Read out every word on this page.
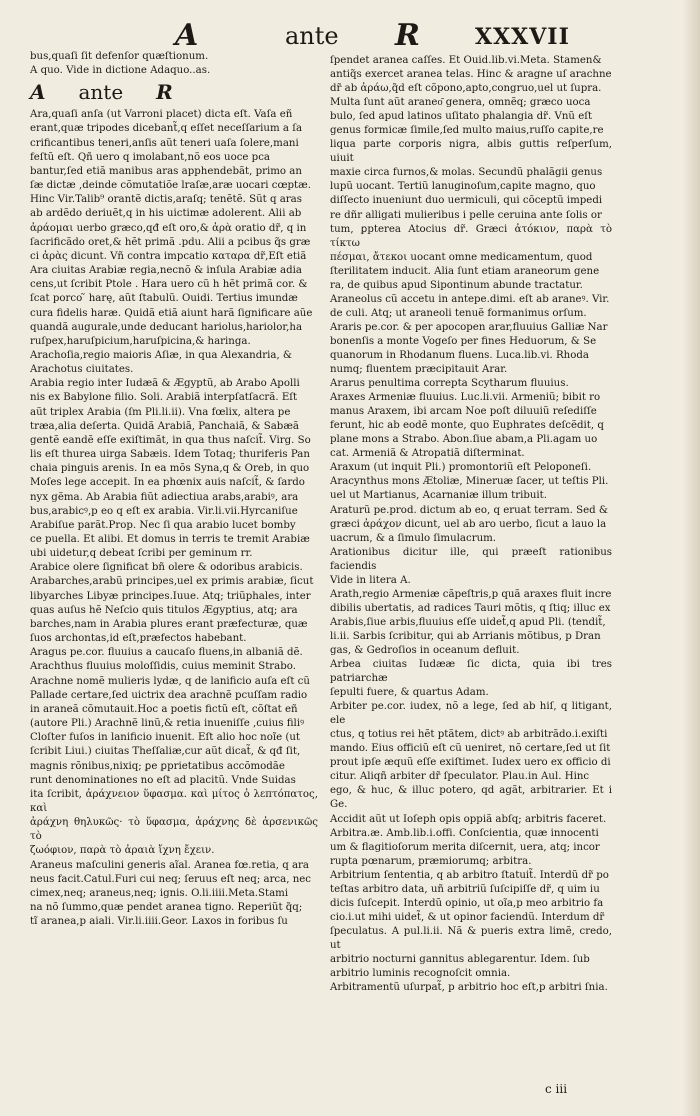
A	ante R	XXXVII

bus,quaſi ſit defenſor quæſtionum.

A quo. Vide in dictione Adaquo..as.

A ante R

Ara,quaſi anſa (ut Varroni placet) dicta eſt. Vaſa eñ

erant,quæ tripodes dicebant̃,q eſſet neceſſarium a ſa

crificantibus teneri,anſis aũt teneri uaſa ſolere,mani

feſtũ eſt. Qñ uero q imolabant,nõ eos uoce pca

bantur,ſed etiã manibus aras apphendebãt, primo an

ſæ dictæ ,deinde cõmutatiõe lraſæ,aræ uocari cœptæ.

Hinc Vir.Talib⁹ orantẽ dictis,araſq; tenẽtẽ. Sũt q aras

ab ardẽdo deriuẽt,q in his uictimæ adolerent. Alii ab

ἀράομαι uerbo græco,qđ eſt oro,& ἀρὰ oratio dr̃, q in

ſacrificãdo oret,& hẽt primã .pdu. Alii a pcibus q̃s græ

ci ἀρὰς dicunt. Vñ contra impcatio καταρα dr̃,Eſt etiã

Ara ciuitas Arabiæ regia,necnõ & inſula Arabiæ adia

cens,ut ſcribit Ptole . Hara uero cũ h hẽt primã cor. &

ſcat porco ̃ harę, aũt ſtabulũ. Ouidi. Tertius imundæ

cura fidelis haræ. Quidã etiã aiunt harã ſignificare aũe

quandã augurale,unde deducant hariolus,hariolor,ha

ruſpex,haruſpicium,haruſpicina,& haringa.

Arachoſia,regio maioris Aſiæ, in qua Alexandria, &

Arachotus ciuitates.

Arabia regio inter Iudæã & Ægyptũ, ab Arabo Apolli

nis ex Babylone filio. Soli. Arabiã interpſatſacrã. Eſt

aũt triplex Arabia (ſm Pli.li.ii). Vna fœlix, altera pe

træa,alia deſerta. Quidã Arabiã, Panchaiã, & Sabæã

gentẽ eandẽ eſſe exiſtimãt, in qua thus naſcit̃. Virg. So

lis eſt thurea uirga Sabæis. Idem Totaq; thuriferis Pan

chaia pinguis arenis. In ea mõs Syna,q & Oreb, in quo

Moſes lege accepit. In ea phœnix auis naſcit̃, & ſardo

nyx gẽma. Ab Arabia fiũt adiectiua arabs,arabiꝰ, ara

bus,arabicꝰ,p eo q eſt ex arabia. Vir.li.vii.Hyrcaniſue

Arabiſue parãt.Prop. Nec ſi qua arabio lucet bomby

ce puella. Et alibi. Et domus in terris te tremit Arabiæ

ubi uidetur,q debeat ſcribi per geminum rr.

Arabice olere ſignificat bñ olere & odoribus arabicis.

Arabarches,arabũ principes,uel ex primis arabiæ, ſicut

libyarches Libyæ principes.Iuue. Atq; triũphales, inter

quas auſus hẽ Neſcio quis titulos Ægyptius, atq; ara

barches,nam in Arabia plures erant præfecturæ, quæ

ſuos archontas,id eſt,præfectos habebant.

Aragus pe.cor. fluuius a caucaſo fluens,in albaniã dẽ.

Arachthus fluuius moloſſidis, cuius meminit Strabo.

Arachne nomẽ mulieris lydæ, q de lanificio auſa eſt cũ

Pallade certare,ſed uictrix dea arachnẽ pcuſſam radio

in araneã cõmutauit.Hoc a poetis fictũ eſt, cõſtat eñ

(autore Pli.) Arachnẽ linũ,& retia inueniſſe ,cuius filiꝰ

Cloſter fuſos in lanificio inuenit. Eſt alio hoc noĩe (ut

ſcribit Liui.) ciuitas Theſſaliæ,cur aũt dicat̃, & qđ ſit,

magnis rõnibus,nixiq; ꝑe ꝑprietatibus accõmodãe

runt denominationes no eſt ad placitũ. Vnde Suidas

ita ſcribit, ἀράχνειον ὕφασμα. καὶ μίτος ὁ λεπτόπατος, καὶ

ἀράχνη θηλυκῶς· τὸ ὕφασμα, ἀράχνης δὲ ἀρσενικῶς τὸ

ζωόφιον, παρὰ τὸ ἀραιὰ ἴχνη ἔχειν.

Araneus maſculini generis aĩal. Aranea fœ.retia, q ara

neus facit.Catul.Furi cui neq; ſeruus eſt neq; arca, nec

cimex,neq; araneus,neq; ignis. O.li.iiii.Meta.Stami

na nõ ſummo,quæ pendet aranea tigno. Reperiũt q̃q;

tĩ aranea,p aiali. Vir.li.iiii.Geor. Laxos in foribus ſu

ſpendet aranea caſſes. Et Ouid.lib.vi.Meta. Stamen&

antiq̃s exercet aranea telas. Hinc & aragne uſ arachne

dr̃ ab ἀράω,q̃d eſt cõpono,apto,congruo,uel ut ſupra.

Multa ſunt aũt araneo͂ genera, omnẽq; græco uoca

bulo, ſed apud latinos uſitato phalangia dr̃. Vnũ eſt

genus formicæ ſimile,ſed multo maius,ruſſo capite,re

liqua parte corporis nigra, albis guttis reſperſum, uiuit

maxie circa furnos,& molas. Secundũ phalãgii genus

lupũ uocant. Tertiũ lanuginoſum,capite magno, quo

diſſecto inueniunt duo uermiculi, qui cõceptũ impedi

re dñr alligati mulieribus i pelle ceruina ante ſolis or

tum, ꝑpterea Atocius dr̃. Græci ἀτόκιον, παρὰ τὸ τίκτω

πέσμαι, ἄτεκοι uocant omne medicamentum, quod

ſterilitatem inducit. Alia ſunt etiam araneorum gene

ra, de quibus apud Sipontinum abunde tractatur.

Araneolus cũ accetu in antepe.dimi. eſt ab araneꝰ. Vir.

de culi. Atq; ut araneoli tenuẽ formanimus orſum.

Araris pe.cor. & per apocopen arar,fluuius Galliæ Nar

bonenſis a monte Vogeſo per fines Heduorum, & Se

quanorum in Rhodanum fluens. Luca.lib.vi. Rhoda

numq; fluentem præcipitauit Arar.

Ararus penultima correpta Scytharum fluuius.

Araxes Armeniæ fluuius. Luc.li.vii. Armeniũ; bibit ro

manus Araxem, ibi arcam Noe poſt diluuiũ reſediſſe

ferunt, hic ab eodẽ monte, quo Euphrates deſcẽdit, q

plane mons a Strabo. Abon.ſiue abam,a Pli.agam uo

cat. Armeniã & Atropatiã diſterminat.

Araxum (ut inquit Pli.) promontoriũ eſt Peloponeſi.

Aracynthus mons Ætoliæ, Mineruæ ſacer, ut teſtis Pli.

uel ut Martianus, Acarnaniæ illum tribuit.

Araturũ pe.prod. dictum ab eo, q eruat terram. Sed &

græci ἀράχον dicunt, uel ab aro uerbo, ſicut a lauo la

uacrum, & a ſimulo ſimulacrum.

Arationibus dicitur ille, qui præeſt rationibus faciendis

Vide in litera A.

Arath,regio Armeniæ cãpeſtris,p quã araxes fluit incre

dibilis ubertatis, ad radices Tauri mõtis, q ſtiq; illuc ex

Arabis,ſiue arbis,fluuius eſſe uidet̃,q apud Pli. (tendit̃,

li.ii. Sarbis ſcribitur, qui ab Arrianis mõtibus, p Dran

gas, & Gedroſios in oceanum defluit.

Arbea ciuitas Iudææ ſic dicta, quia ibi tres patriarchæ

ſepulti fuere, & quartus Adam.

Arbiter pe.cor. iudex, nõ a lege, ſed ab hiſ, q litigant, ele

ctus, q totius rei hẽt ptãtem, dictꝰ ab arbitrãdo.i.exiſti

mando. Eius officiũ eſt cũ ueniret, nõ certare,ſed ut ſit

prout ipſe æquũ eſſe exiſtimet. Iudex uero ex officio di

citur. Aliqñ arbiter dr̃ ſpeculator. Plau.in Aul. Hinc

ego, & huc, & illuc potero, qd agãt, arbitrarier. Et i Ge.

Accidit aũt ut Ioſeph opis oppiã abſq; arbitris faceret.

Arbitra.æ. Amb.lib.i.offi. Conſcientia, quæ innocenti

um & flagitioſorum merita diſcernit, uera, atq; incor

rupta pœnarum, præmiorumq; arbitra.

Arbitrium ſententia, q ab arbitro ſtatuit̃. Interdũ dr̃ po

teſtas arbitro data, uñ arbitriũ ſuſcipiſſe dr̃, q uim iu

dicis ſuſcepit. Interdũ opinio, ut oĩa,p meo arbitrio fa

cio.i.ut mihi uidet̃, & ut opinor faciendũ. Interdum dr̃

ſpeculatus. A pul.li.ii. Nã & pueris extra limẽ, credo, ut

arbitrio nocturni gannitus ablegarentur. Idem. ſub

arbitrio luminis recognoſcit omnia.

Arbitramentũ uſurpat̃, p arbitrio hoc eſt,p arbitri ſnia.

c iii
